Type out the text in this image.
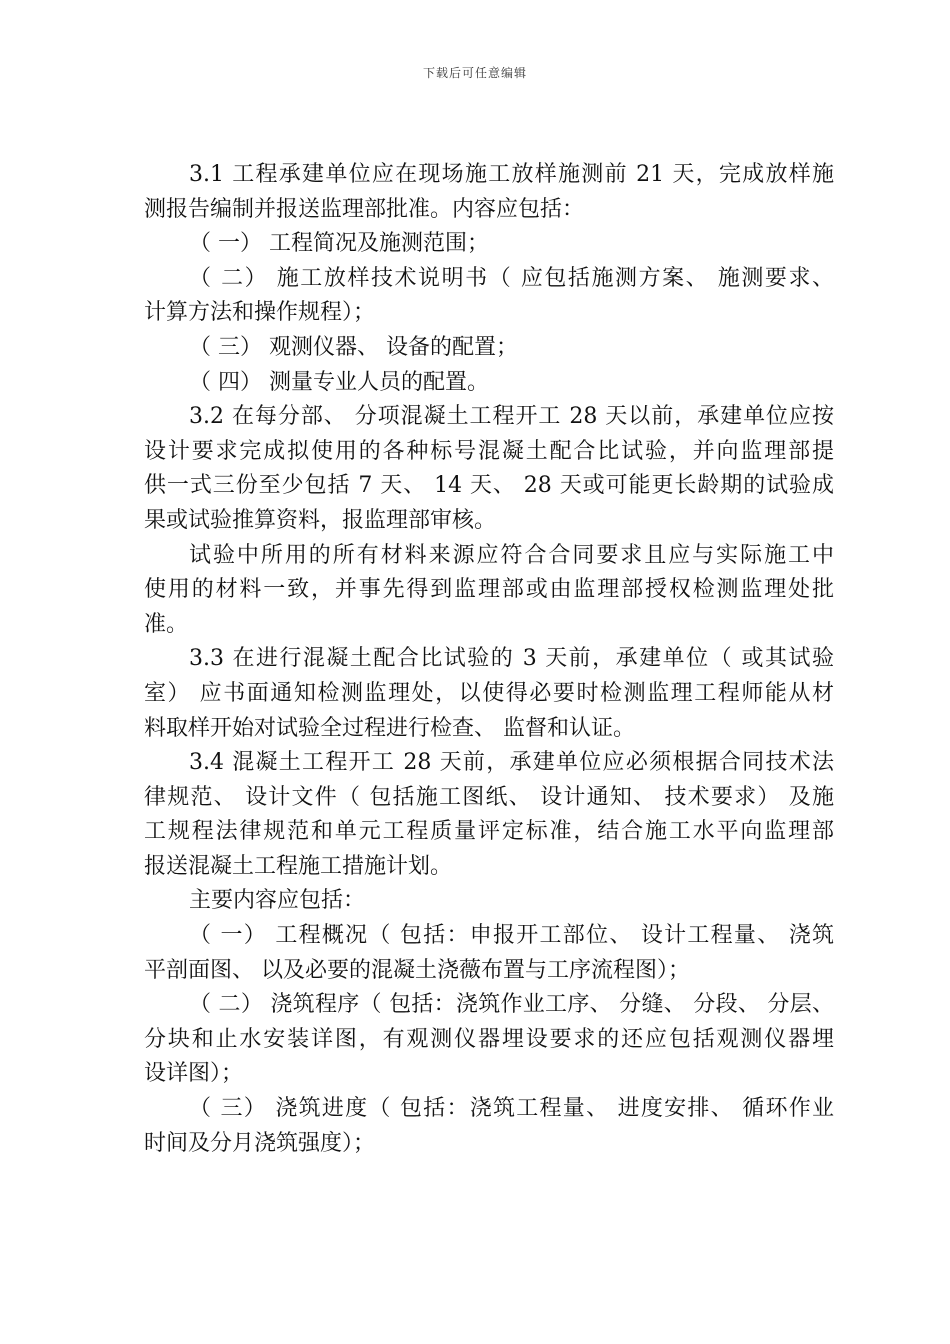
下载后可任意编辑
3.1 工程承建单位应在现场施工放样施测前 21 天，完成放样施
测报告编制并报送监理部批准。内容应包括：
（ 一） 工程简况及施测范围；
（ 二） 施工放样技术说明书（ 应包括施测方案、 施测要求、
计算方法和操作规程）；
（ 三） 观测仪器、 设备的配置；
（ 四） 测量专业人员的配置。
3.2 在每分部、 分项混凝土工程开工 28 天以前，承建单位应按
设计要求完成拟使用的各种标号混凝土配合比试验，并向监理部提
供一式三份至少包括 7 天、 14 天、 28 天或可能更长龄期的试验成
果或试验推算资料，报监理部审核。
试验中所用的所有材料来源应符合合同要求且应与实际施工中
使用的材料一致，并事先得到监理部或由监理部授权检测监理处批
准。
3.3 在进行混凝土配合比试验的 3 天前，承建单位（ 或其试验
室） 应书面通知检测监理处，以使得必要时检测监理工程师能从材
料取样开始对试验全过程进行检查、 监督和认证。
3.4 混凝土工程开工 28 天前，承建单位应必须根据合同技术法
律规范、 设计文件（ 包括施工图纸、 设计通知、 技术要求） 及施
工规程法律规范和单元工程质量评定标准，结合施工水平向监理部
报送混凝土工程施工措施计划。
主要内容应包括：
（ 一） 工程概况（ 包括：申报开工部位、 设计工程量、 浇筑
平剖面图、 以及必要的混凝土浇薇布置与工序流程图）；
（ 二） 浇筑程序（ 包括：浇筑作业工序、 分缝、 分段、 分层、
分块和止水安装详图，有观测仪器埋设要求的还应包括观测仪器埋
设详图）；
（ 三） 浇筑进度（ 包括：浇筑工程量、 进度安排、 循环作业
时间及分月浇筑强度）；
